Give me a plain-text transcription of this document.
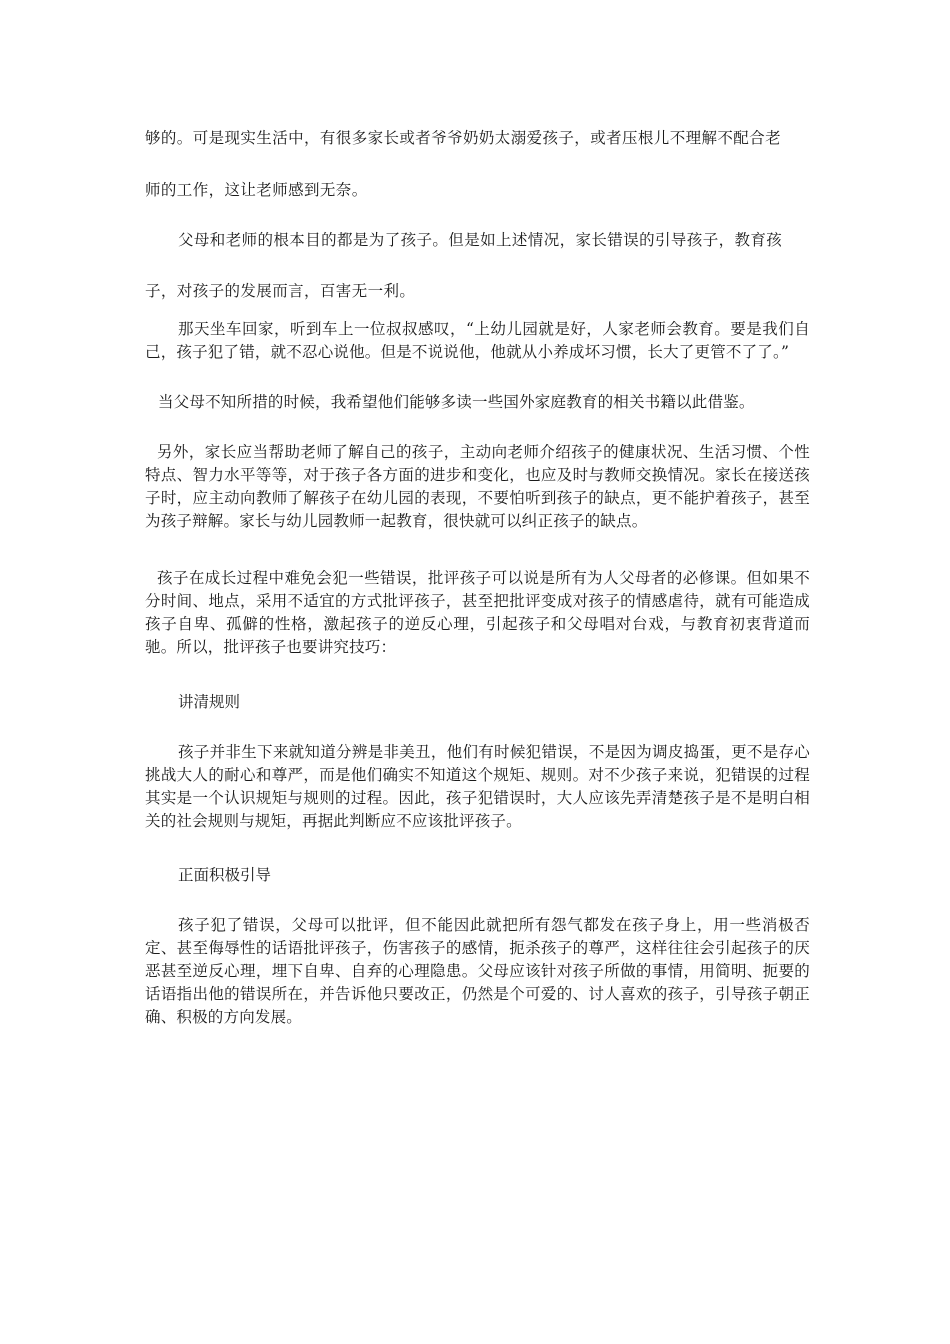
够的。可是现实生活中，有很多家长或者爷爷奶奶太溺爱孩子，或者压根儿不理解不配合老
师的工作，这让老师感到无奈。
父母和老师的根本目的都是为了孩子。但是如上述情况，家长错误的引导孩子，教育孩
子，对孩子的发展而言，百害无一利。

那天坐车回家，听到车上一位叔叔感叹，“上幼儿园就是好，人家老师会教育。要是我们自己，孩子犯了错，就不忍心说他。但是不说说他，他就从小养成坏习惯，长大了更管不了了。”

当父母不知所措的时候，我希望他们能够多读一些国外家庭教育的相关书籍以此借鉴。

另外，家长应当帮助老师了解自己的孩子，主动向老师介绍孩子的健康状况、生活习惯、个性特点、智力水平等等，对于孩子各方面的进步和变化，也应及时与教师交换情况。家长在接送孩子时，应主动向教师了解孩子在幼儿园的表现，不要怕听到孩子的缺点，更不能护着孩子，甚至为孩子辩解。家长与幼儿园教师一起教育，很快就可以纠正孩子的缺点。

孩子在成长过程中难免会犯一些错误，批评孩子可以说是所有为人父母者的必修课。但如果不分时间、地点，采用不适宜的方式批评孩子，甚至把批评变成对孩子的情感虐待，就有可能造成孩子自卑、孤僻的性格，激起孩子的逆反心理，引起孩子和父母唱对台戏，与教育初衷背道而驰。所以，批评孩子也要讲究技巧：

讲清规则

孩子并非生下来就知道分辨是非美丑，他们有时候犯错误，不是因为调皮捣蛋，更不是存心挑战大人的耐心和尊严，而是他们确实不知道这个规矩、规则。对不少孩子来说，犯错误的过程其实是一个认识规矩与规则的过程。因此，孩子犯错误时，大人应该先弄清楚孩子是不是明白相关的社会规则与规矩，再据此判断应不应该批评孩子。

正面积极引导

孩子犯了错误，父母可以批评，但不能因此就把所有怨气都发在孩子身上，用一些消极否定、甚至侮辱性的话语批评孩子，伤害孩子的感情，扼杀孩子的尊严，这样往往会引起孩子的厌恶甚至逆反心理，埋下自卑、自弃的心理隐患。父母应该针对孩子所做的事情，用简明、扼要的话语指出他的错误所在，并告诉他只要改正，仍然是个可爱的、讨人喜欢的孩子，引导孩子朝正确、积极的方向发展。
